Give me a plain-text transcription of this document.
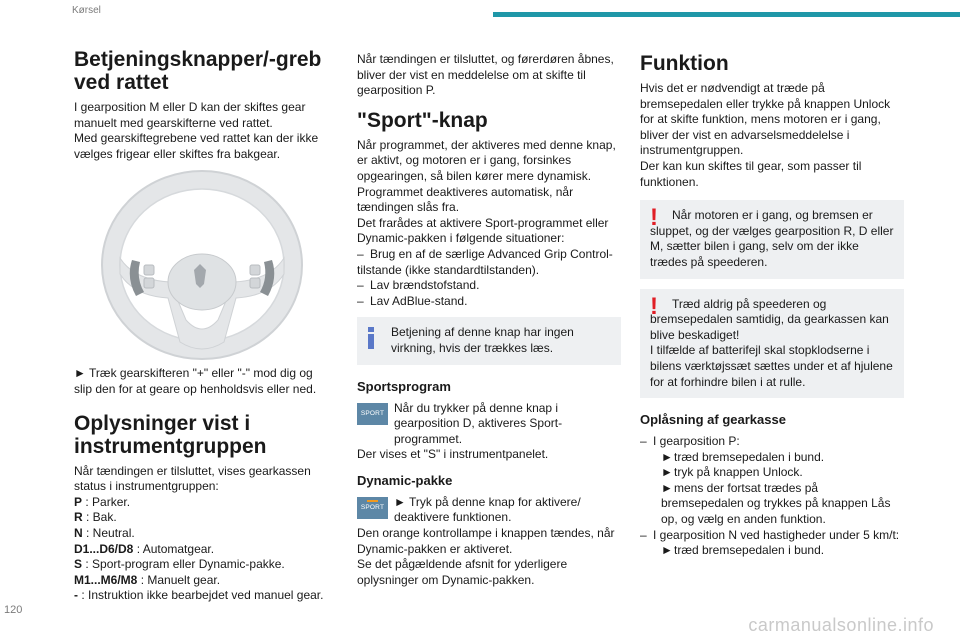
Kørsel
Betjeningsknapper/-greb ved rattet

I gearposition M eller D kan der skiftes gear manuelt med gearskifterne ved rattet.

Med gearskiftegrebene ved rattet kan der ikke vælges frigear eller skiftes fra bakgear.

► Træk gearskifteren "+" eller "-" mod dig og slip den for at geare op henholdsvis eller ned.

Oplysninger vist i instrumentgruppen

Når tændingen er tilsluttet, vises gearkassen status i instrumentgruppen:

P : Parker.

R : Bak.

N : Neutral.

D1...D6/D8 : Automatgear.

S : Sport-program eller Dynamic-pakke.

M1...M6/M8 : Manuelt gear.

- : Instruktion ikke bearbejdet ved manuel gear.

Når tændingen er tilsluttet, og førerdøren åbnes, bliver der vist en meddelelse om at skifte til gearposition P.

"Sport"-knap

Når programmet, der aktiveres med denne knap, er aktivt, og motoren er i gang, forsinkes opgearingen, så bilen kører mere dynamisk.

Programmet deaktiveres automatisk, når tændingen slås fra.

Det frarådes at aktivere Sport-programmet eller Dynamic-pakken i følgende situationer:

– Brug en af de særlige Advanced Grip Control-tilstande (ikke standardtilstanden).

– Lav brændstofstand.

– Lav AdBlue-stand.

Betjening af denne knap har ingen virkning, hvis der trækkes læs.

Sportsprogram
SPORT Når du trykker på denne knap i gearposition D, aktiveres Sport-programmet.

Der vises et "S" i instrumentpanelet.

Dynamic-pakke
SPORT ► Tryk på denne knap for aktivere/ deaktivere funktionen.

Den orange kontrollampe i knappen tændes, når Dynamic-pakken er aktiveret.

Se det pågældende afsnit for yderligere oplysninger om Dynamic-pakken.

Funktion

Hvis det er nødvendigt at træde på bremsepedalen eller trykke på knappen Unlock for at skifte funktion, mens motoren er i gang, bliver der vist en advarselsmeddelelse i instrumentgruppen.

Der kan kun skiftes til gear, som passer til funktionen.

!	Når motoren er i gang, og bremsen er sluppet, og der vælges gearposition R, D eller M, sætter bilen i gang, selv om der ikke trædes på speederen.

!	Træd aldrig på speederen og bremsepedalen samtidig, da gearkassen kan blive beskadiget!

I tilfælde af batterifejl skal stopklodserne i bilens værktøjssæt sættes under et af hjulene for at forhindre bilen i at rulle.

Oplåsning af gearkasse

– I gearposition P:

►træd bremsepedalen i bund.

►tryk på knappen Unlock.

►mens der fortsat trædes på bremsepedalen og trykkes på knappen Lås op, og vælg en anden funktion.

– I gearposition N ved hastigheder under 5 km/t:

►træd bremsepedalen i bund.

120
carmanualsonline.info
